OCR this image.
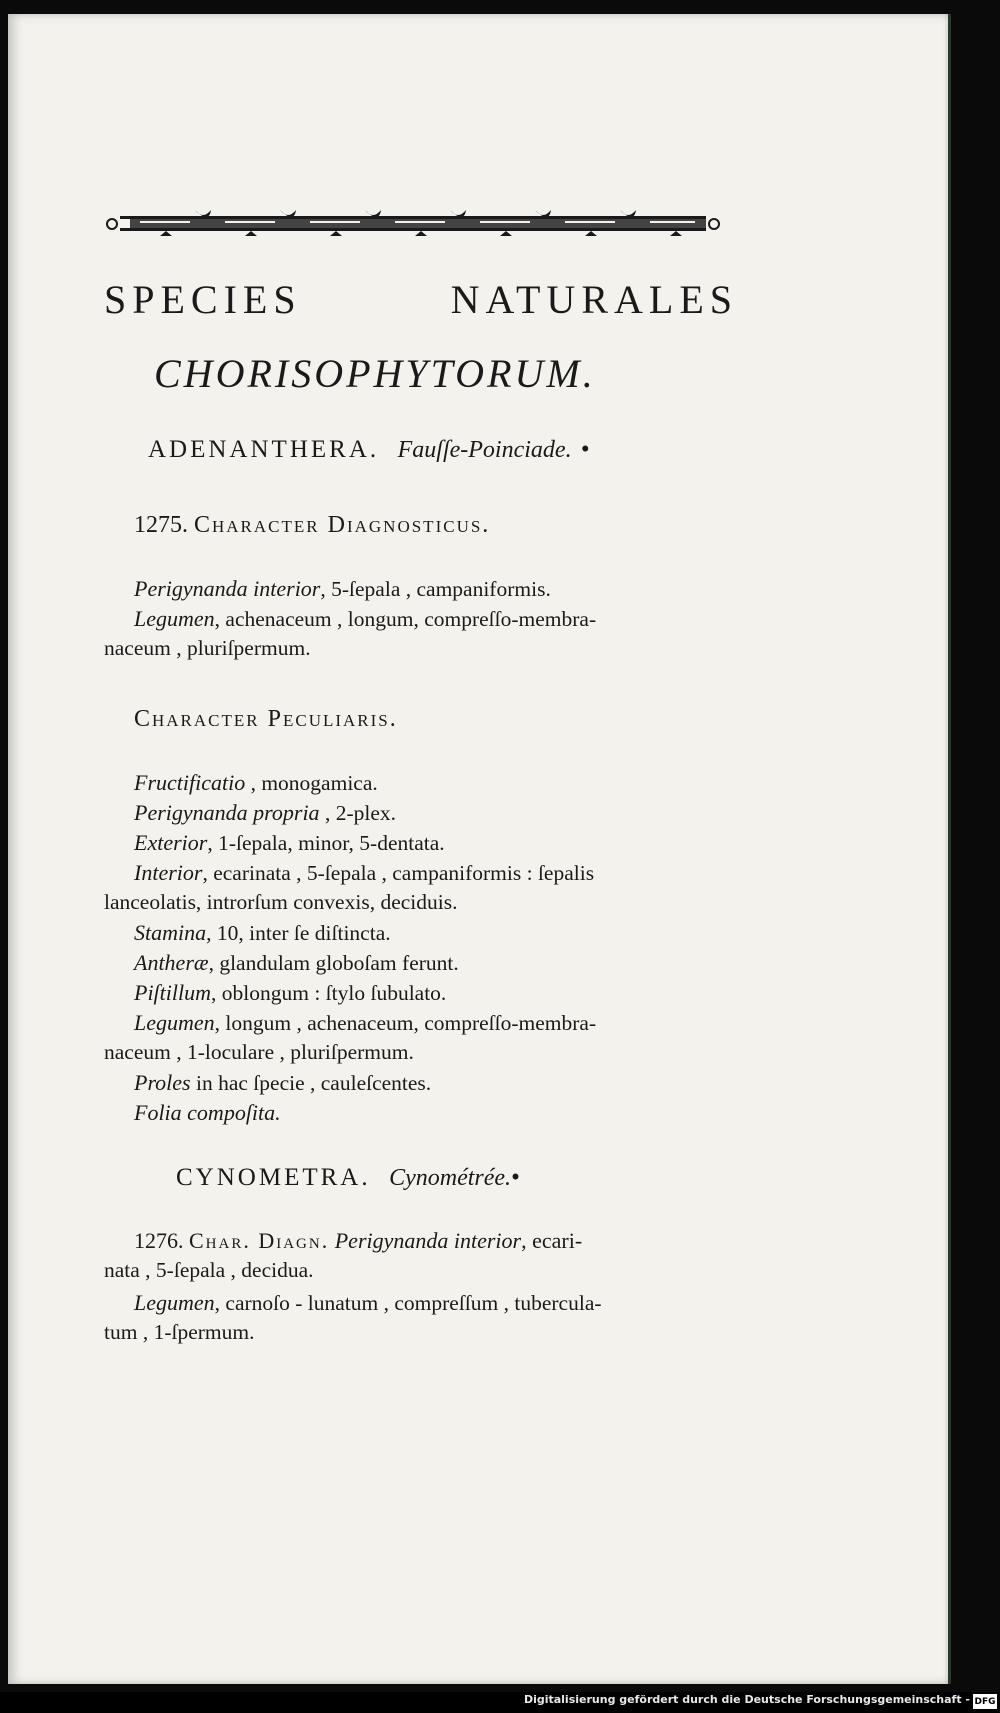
SPECIES	NATURALES
CHORISOPHYTORUM.
ADENANTHERA. Fauſſe-Poinciade. •
1275. Character Diagnosticus.
Perigynanda interior, 5-ſepala , campaniformis.
Legumen, achenaceum , longum, compreſſo-membra-
naceum , pluriſpermum.
Character Peculiaris.
Fructificatio , monogamica.
Perigynanda propria , 2-plex.
Exterior, 1-ſepala, minor, 5-dentata.
Interior, ecarinata , 5-ſepala , campaniformis : ſepalis
lanceolatis, introrſum convexis, deciduis.
Stamina, 10, inter ſe diſtincta.
Antheræ, glandulam globoſam ferunt.
Piſtillum, oblongum : ſtylo ſubulato.
Legumen, longum , achenaceum, compreſſo-membra-
naceum , 1-loculare , pluriſpermum.
Proles in hac ſpecie , cauleſcentes.
Folia compoſita.
CYNOMETRA. Cynométrée.•
1276. Char. Diagn. Perigynanda interior, ecari-
nata , 5-ſepala , decidua.
Legumen, carnoſo - lunatum , compreſſum , tubercula-
tum , 1-ſpermum.
Digitalisierung gefördert durch die Deutsche Forschungsgemeinschaft - DFG
